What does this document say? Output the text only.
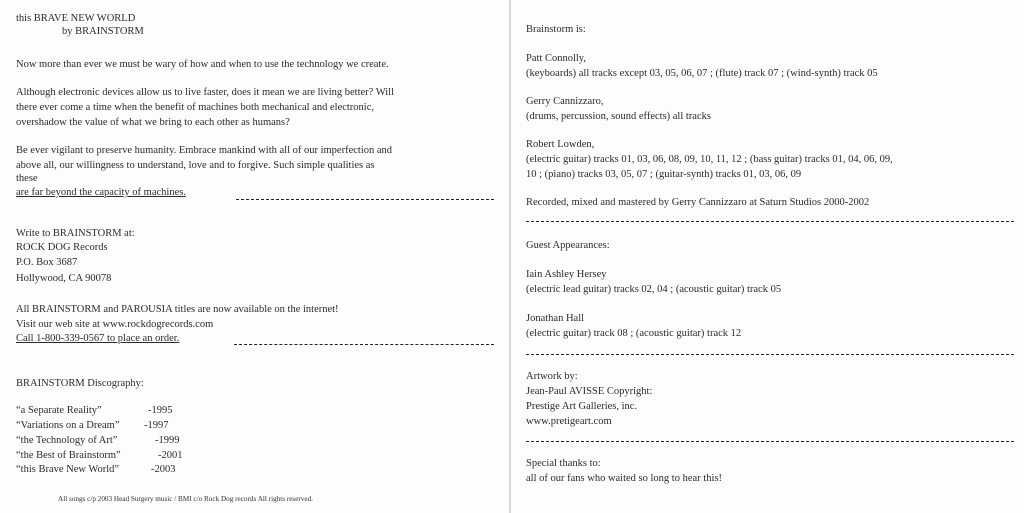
this BRAVE NEW WORLD

by BRAINSTORM

Now more than ever we must be wary of how and when to use the technology we create.

Although electronic devices allow us to live faster, does it mean we are living better? Will

there ever come a time when the benefit of machines both mechanical and electronic,

overshadow the value of what we bring to each other as humans?

Be ever vigilant to preserve humanity. Embrace mankind with all of our imperfection and

above all, our willingness to understand, love and to forgive. Such simple qualities as

these

are far beyond the capacity of machines.

Write to BRAINSTORM at:

ROCK DOG Records

P.O. Box 3687

Hollywood, CA 90078

All BRAINSTORM and PAROUSIA titles are now available on the internet!

Visit our web site at www.rockdogrecords.com

Call 1-800-339-0567 to place an order.

BRAINSTORM Discography:

“a Separate Reality”	-1995

“Variations on a Dream” -1997

“the Technology of Art”	-1999

“the Best of Brainstorm”	-2001

“this Brave New World”	-2003

All songs c/p 2003 Head Surgery music / BMI c/o Rock Dog records All rights reserved.

Brainstorm is:

Patt Connolly,

(keyboards) all tracks except 03, 05, 06, 07 ; (flute) track 07 ; (wind-synth) track 05

Gerry Cannizzaro,

(drums, percussion, sound effects) all tracks

Robert Lowden,

(electric guitar) tracks 01, 03, 06, 08, 09, 10, 11, 12 ; (bass guitar) tracks 01, 04, 06, 09,

10 ; (piano) tracks 03, 05, 07 ; (guitar-synth) tracks 01, 03, 06, 09

Recorded, mixed and mastered by Gerry Cannizzaro at Saturn Studios 2000-2002

Guest Appearances:

Iain Ashley Hersey

(electric lead guitar) tracks 02, 04 ; (acoustic guitar) track 05

Jonathan Hall

(electric guitar) track 08 ; (acoustic guitar) track 12

Artwork by:

Jean-Paul AVISSE Copyright:

Prestige Art Galleries, inc.

www.pretigeart.com

Special thanks to:

all of our fans who waited so long to hear this!
